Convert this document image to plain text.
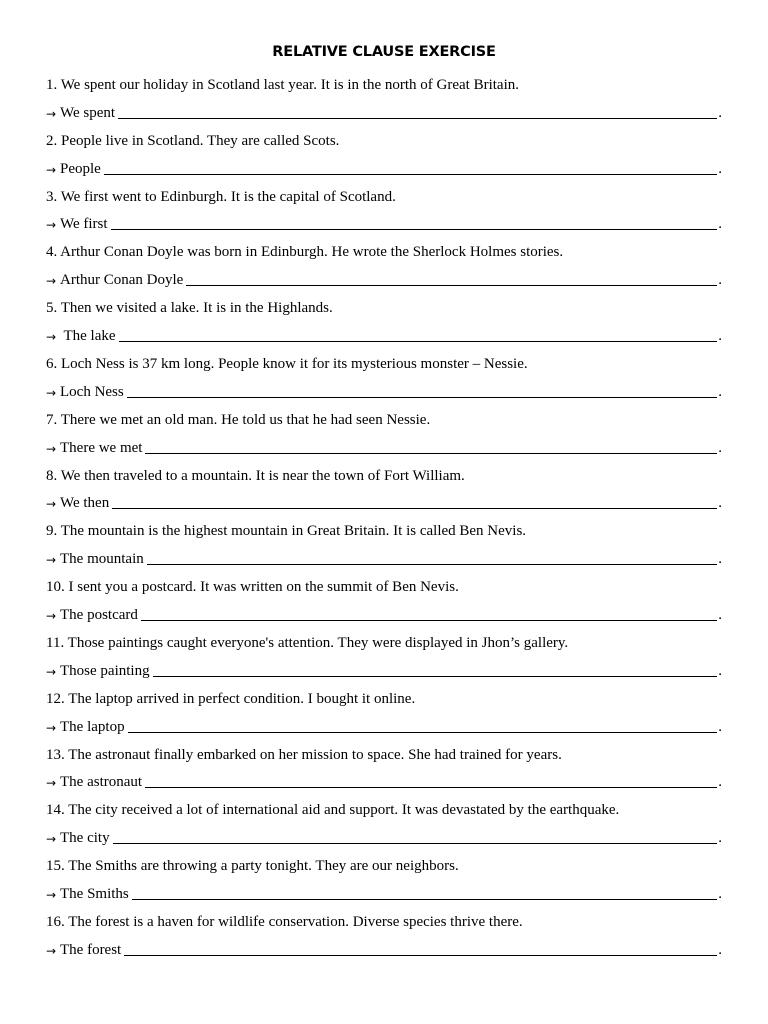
RELATIVE CLAUSE EXERCISE
1. We spent our holiday in Scotland last year. It is in the north of Great Britain.
→ We spent	.
2. People live in Scotland. They are called Scots.
→ People	.
3. We first went to Edinburgh. It is the capital of Scotland.
→ We first	.
4. Arthur Conan Doyle was born in Edinburgh. He wrote the Sherlock Holmes stories.
→ Arthur Conan Doyle	.
5. Then we visited a lake. It is in the Highlands.
→ The lake	.
6. Loch Ness is 37 km long. People know it for its mysterious monster – Nessie.
→ Loch Ness	.
7. There we met an old man. He told us that he had seen Nessie.
→ There we met	.
8. We then traveled to a mountain. It is near the town of Fort William.
→ We then	.
9. The mountain is the highest mountain in Great Britain. It is called Ben Nevis.
→ The mountain	.
10. I sent you a postcard. It was written on the summit of Ben Nevis.
→ The postcard	.
11. Those paintings caught everyone's attention. They were displayed in Jhon’s gallery.
→ Those painting	.
12. The laptop arrived in perfect condition. I bought it online.
→ The laptop	.
13. The astronaut finally embarked on her mission to space. She had trained for years.
→ The astronaut	.
14. The city received a lot of international aid and support. It was devastated by the earthquake.
→ The city	.
15. The Smiths are throwing a party tonight. They are our neighbors.
→ The Smiths	.
16. The forest is a haven for wildlife conservation. Diverse species thrive there.
→ The forest	.
